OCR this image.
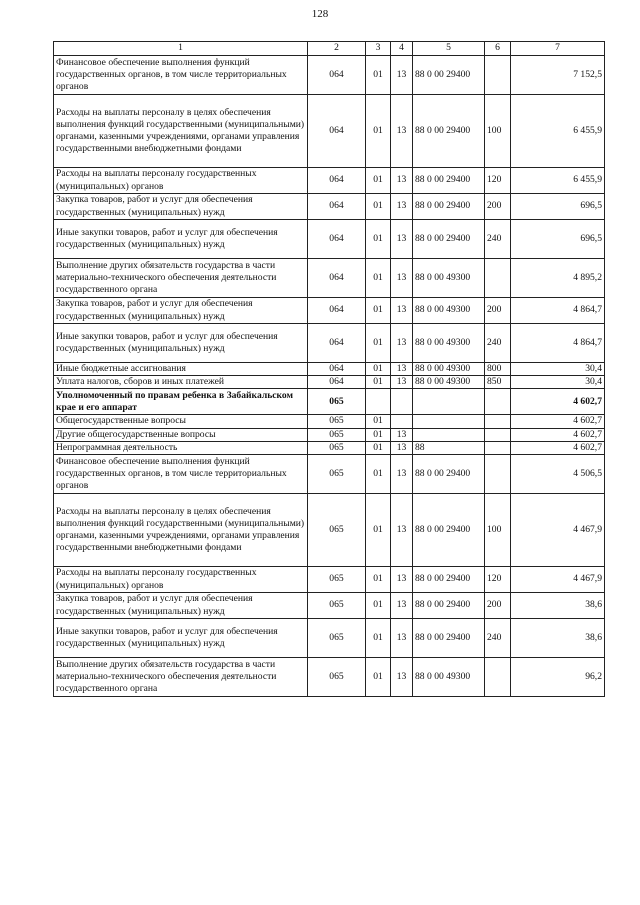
128
1	2	3	4	5	6	7
Финансовое обеспечение выполнения функций государственных органов, в том числе территориальных органов	064	01	13	88 0 00 29400		7 152,5
Расходы на выплаты персоналу в целях обеспечения выполнения функций государственными (муниципальными) органами, казенными учреждениями, органами управления государственными внебюджетными фондами	064	01	13	88 0 00 29400	100	6 455,9
Расходы на выплаты персоналу государственных (муниципальных) органов	064	01	13	88 0 00 29400	120	6 455,9
Закупка товаров, работ и услуг для обеспечения государственных (муниципальных) нужд	064	01	13	88 0 00 29400	200	696,5
Иные закупки товаров, работ и услуг для обеспечения государственных (муниципальных) нужд	064	01	13	88 0 00 29400	240	696,5
Выполнение других обязательств государства в части материально-технического обеспечения деятельности государственного органа	064	01	13	88 0 00 49300		4 895,2
Закупка товаров, работ и услуг для обеспечения государственных (муниципальных) нужд	064	01	13	88 0 00 49300	200	4 864,7
Иные закупки товаров, работ и услуг для обеспечения государственных (муниципальных) нужд	064	01	13	88 0 00 49300	240	4 864,7
Иные бюджетные ассигнования	064	01	13	88 0 00 49300	800	30,4
Уплата налогов, сборов и иных платежей	064	01	13	88 0 00 49300	850	30,4
Уполномоченный по правам ребенка в Забайкальском крае и его аппарат	065					4 602,7
Общегосударственные вопросы	065	01				4 602,7
Другие общегосударственные вопросы	065	01	13			4 602,7
Непрограммная деятельность	065	01	13	88		4 602,7
Финансовое обеспечение выполнения функций государственных органов, в том числе территориальных органов	065	01	13	88 0 00 29400		4 506,5
Расходы на выплаты персоналу в целях обеспечения выполнения функций государственными (муниципальными) органами, казенными учреждениями, органами управления государственными внебюджетными фондами	065	01	13	88 0 00 29400	100	4 467,9
Расходы на выплаты персоналу государственных (муниципальных) органов	065	01	13	88 0 00 29400	120	4 467,9
Закупка товаров, работ и услуг для обеспечения государственных (муниципальных) нужд	065	01	13	88 0 00 29400	200	38,6
Иные закупки товаров, работ и услуг для обеспечения государственных (муниципальных) нужд	065	01	13	88 0 00 29400	240	38,6
Выполнение других обязательств государства в части материально-технического обеспечения деятельности государственного органа	065	01	13	88 0 00 49300		96,2
